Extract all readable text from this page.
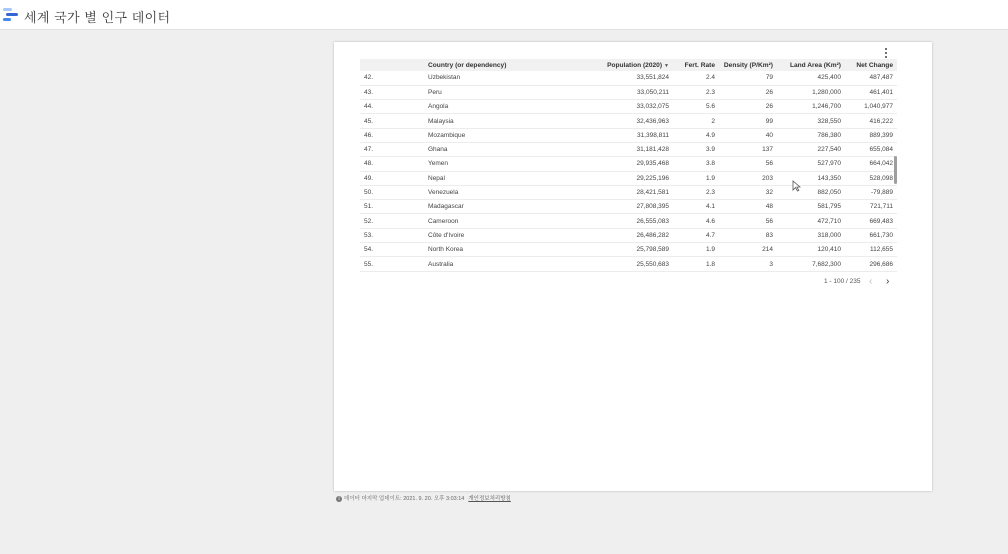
세계 국가 별 인구 데이터
	Country (or dependency)	Population (2020) ▼	Fert. Rate	Density (P/Km²)	Land Area (Km²)	Net Change
42.	Uzbekistan	33,551,824	2.4	79	425,400	487,487
43.	Peru	33,050,211	2.3	26	1,280,000	461,401
44.	Angola	33,032,075	5.6	26	1,246,700	1,040,977
45.	Malaysia	32,436,963	2	99	328,550	416,222
46.	Mozambique	31,398,811	4.9	40	786,380	889,399
47.	Ghana	31,181,428	3.9	137	227,540	655,084
48.	Yemen	29,935,468	3.8	56	527,970	664,042
49.	Nepal	29,225,196	1.9	203	143,350	528,098
50.	Venezuela	28,421,581	2.3	32	882,050	-79,889
51.	Madagascar	27,808,395	4.1	48	581,795	721,711
52.	Cameroon	26,555,083	4.6	56	472,710	669,483
53.	Côte d'Ivoire	26,486,282	4.7	83	318,000	661,730
54.	North Korea	25,798,589	1.9	214	120,410	112,655
55.	Australia	25,550,683	1.8	3	7,682,300	296,686
1 - 100 / 235 ‹ ›
i 데이터 마지막 업데이트: 2021. 9. 20. 오후 3:03:14 개인정보처리방침
